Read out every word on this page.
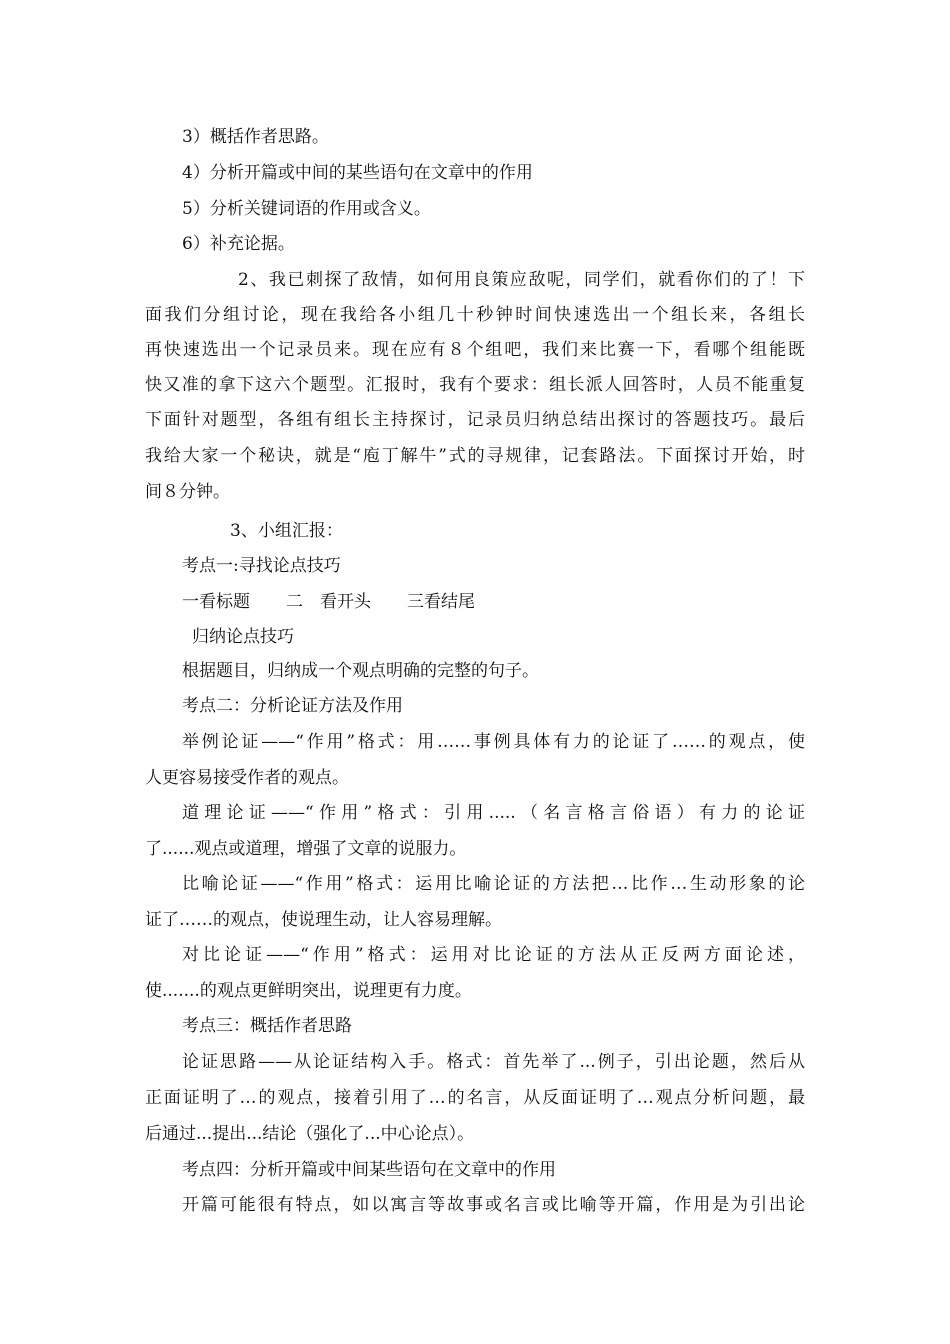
3）概括作者思路。
4）分析开篇或中间的某些语句在文章中的作用
5）分析关键词语的作用或含义。
6）补充论据。
2、我已刺探了敌情，如何用良策应敌呢，同学们，就看你们的了！下
面我们分组讨论，现在我给各小组几十秒钟时间快速选出一个组长来，各组长
再快速选出一个记录员来。现在应有８个组吧，我们来比赛一下，看哪个组能既
快又准的拿下这六个题型。汇报时，我有个要求：组长派人回答时，人员不能重复
下面针对题型，各组有组长主持探讨，记录员归纳总结出探讨的答题技巧。最后
我给大家一个秘诀，就是“庖丁解牛”式的寻规律，记套路法。下面探讨开始，时
间８分钟。
3、小组汇报：
考点一:寻找论点技巧
一看标题 二　看开头 三看结尾
归纳论点技巧
根据题目，归纳成一个观点明确的完整的句子。
考点二：分析论证方法及作用
举例论证——“作用”格式：用……事例具体有力的论证了……的观点，使
人更容易接受作者的观点。
道理论证——“作用”格式：引用.....（名言格言俗语）有力的论证
了......观点或道理，增强了文章的说服力。
比喻论证——“作用”格式：运用比喻论证的方法把…比作…生动形象的论
证了……的观点，使说理生动，让人容易理解。
对比论证——“作用”格式：运用对比论证的方法从正反两方面论述，
使.......的观点更鲜明突出，说理更有力度。
考点三：概括作者思路
论证思路——从论证结构入手。格式：首先举了...例子，引出论题，然后从
正面证明了…的观点，接着引用了…的名言，从反面证明了…观点分析问题，最
后通过...提出...结论（强化了...中心论点）。
考点四：分析开篇或中间某些语句在文章中的作用
开篇可能很有特点，如以寓言等故事或名言或比喻等开篇，作用是为引出论
